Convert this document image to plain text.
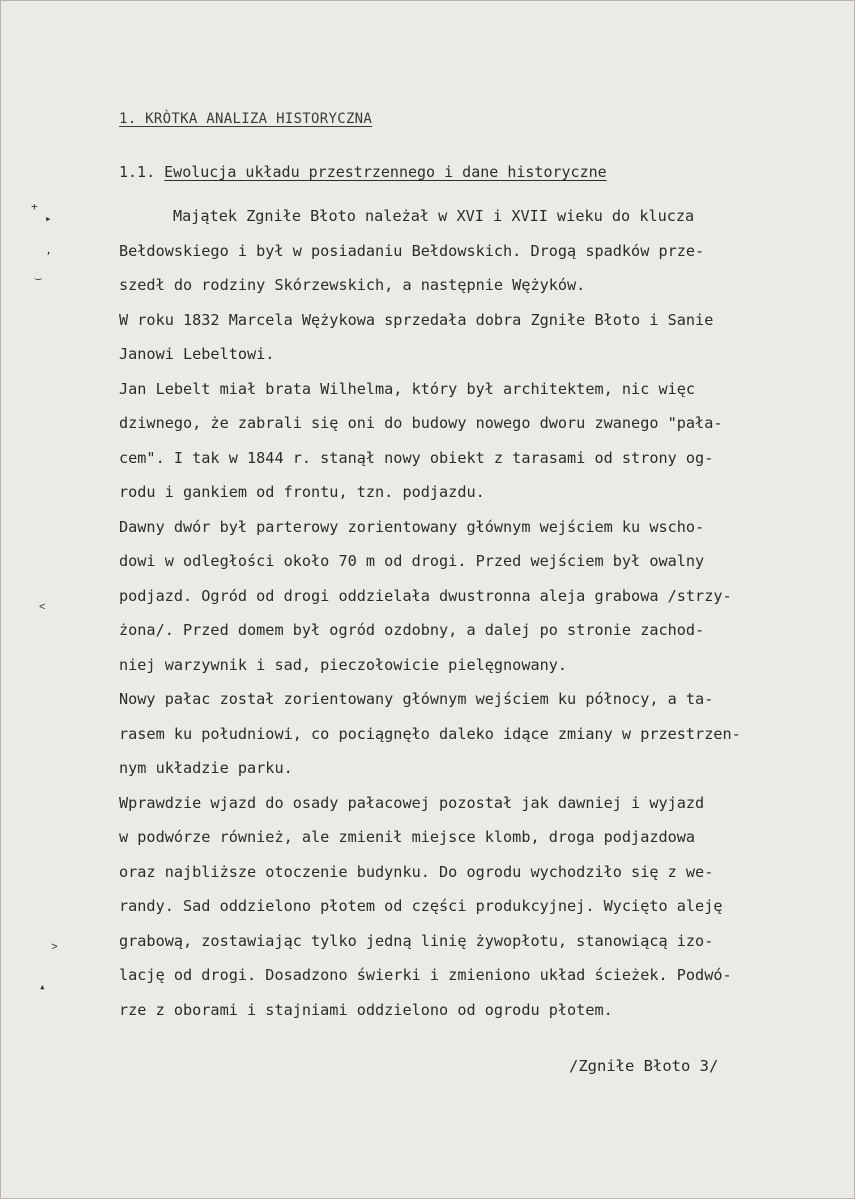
+
▸
ʼ
‿
˂
˃
▴
1. KRÒTKA ANALIZA HISTORYCZNA
1.1. Ewolucja układu przestrzennego i dane historyczne
Majątek Zgniłe Błoto należał w XVI i XVII wieku do klucza
Bełdowskiego i był w posiadaniu Bełdowskich. Drogą spadków prze-
szedł do rodziny Skórzewskich, a następnie Wężyków.
W roku 1832 Marcela Wężykowa sprzedała dobra Zgniłe Błoto i Sanie
Janowi Lebeltowi.
Jan Lebelt miał brata Wilhelma, który był architektem, nic więc
dziwnego, że zabrali się oni do budowy nowego dworu zwanego "pała-
cem". I tak w 1844 r. stanął nowy obiekt z tarasami od strony og-
rodu i gankiem od frontu, tzn. podjazdu.
Dawny dwór był parterowy zorientowany głównym wejściem ku wscho-
dowi w odległości około 70 m od drogi. Przed wejściem był owalny
podjazd. Ogród od drogi oddzielała dwustronna aleja grabowa /strzy-
żona/. Przed domem był ogród ozdobny, a dalej po stronie zachod-
niej warzywnik i sad, pieczołowicie pielęgnowany.
Nowy pałac został zorientowany głównym wejściem ku północy, a ta-
rasem ku południowi, co pociągnęło daleko idące zmiany w przestrzen-
nym układzie parku.
Wprawdzie wjazd do osady pałacowej pozostał jak dawniej i wyjazd
w podwórze również, ale zmienił miejsce klomb, droga podjazdowa
oraz najbliższe otoczenie budynku. Do ogrodu wychodziło się z we-
randy. Sad oddzielono płotem od części produkcyjnej. Wycięto aleję
grabową, zostawiając tylko jedną linię żywopłotu, stanowiącą izo-
lację od drogi. Dosadzono świerki i zmieniono układ ścieżek. Podwó-
rze z oborami i stajniami oddzielono od ogrodu płotem.
/Zgniłe Błoto 3/
